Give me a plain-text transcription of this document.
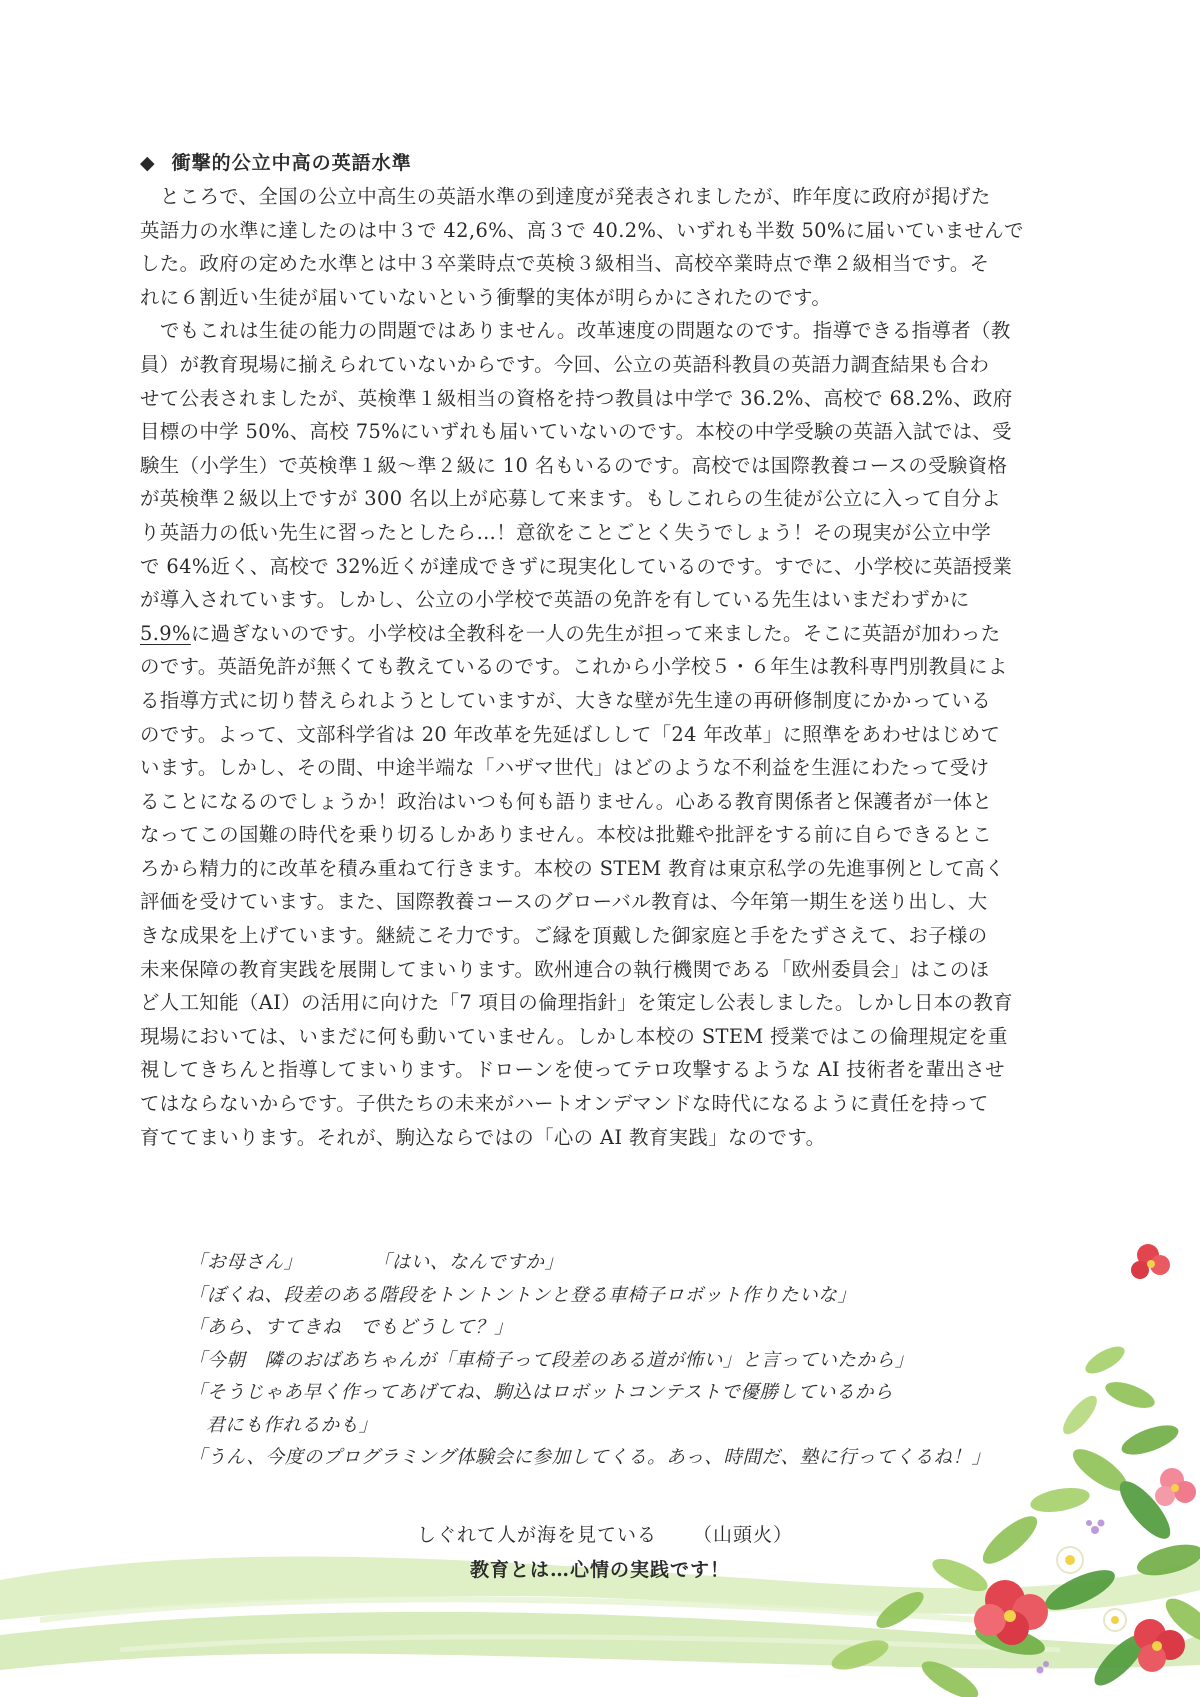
◆ 衝撃的公立中高の英語水準
ところで、全国の公立中高生の英語水準の到達度が発表されましたが、昨年度に政府が掲げた
英語力の水準に達したのは中３で 42,6%、高３で 40.2%、いずれも半数 50%に届いていませんで
した。政府の定めた水準とは中３卒業時点で英検３級相当、高校卒業時点で準２級相当です。そ
れに６割近い生徒が届いていないという衝撃的実体が明らかにされたのです。
でもこれは生徒の能力の問題ではありません。改革速度の問題なのです。指導できる指導者（教
員）が教育現場に揃えられていないからです。今回、公立の英語科教員の英語力調査結果も合わ
せて公表されましたが、英検準１級相当の資格を持つ教員は中学で 36.2%、高校で 68.2%、政府
目標の中学 50%、高校 75%にいずれも届いていないのです。本校の中学受験の英語入試では、受
験生（小学生）で英検準１級～準２級に 10 名もいるのです。高校では国際教養コースの受験資格
が英検準２級以上ですが 300 名以上が応募して来ます。もしこれらの生徒が公立に入って自分よ
り英語力の低い先生に習ったとしたら…！意欲をことごとく失うでしょう！その現実が公立中学
で 64%近く、高校で 32%近くが達成できずに現実化しているのです。すでに、小学校に英語授業
が導入されています。しかし、公立の小学校で英語の免許を有している先生はいまだわずかに
5.9%に過ぎないのです。小学校は全教科を一人の先生が担って来ました。そこに英語が加わった
のです。英語免許が無くても教えているのです。これから小学校５・６年生は教科専門別教員によ
る指導方式に切り替えられようとしていますが、大きな壁が先生達の再研修制度にかかっている
のです。よって、文部科学省は 20 年改革を先延ばしして「24 年改革」に照準をあわせはじめて
います。しかし、その間、中途半端な「ハザマ世代」はどのような不利益を生涯にわたって受け
ることになるのでしょうか！政治はいつも何も語りません。心ある教育関係者と保護者が一体と
なってこの国難の時代を乗り切るしかありません。本校は批難や批評をする前に自らできるとこ
ろから精力的に改革を積み重ねて行きます。本校の STEM 教育は東京私学の先進事例として高く
評価を受けています。また、国際教養コースのグローバル教育は、今年第一期生を送り出し、大
きな成果を上げています。継続こそ力です。ご縁を頂戴した御家庭と手をたずさえて、お子様の
未来保障の教育実践を展開してまいります。欧州連合の執行機関である「欧州委員会」はこのほ
ど人工知能（AI）の活用に向けた「7 項目の倫理指針」を策定し公表しました。しかし日本の教育
現場においては、いまだに何も動いていません。しかし本校の STEM 授業ではこの倫理規定を重
視してきちんと指導してまいります。ドローンを使ってテロ攻撃するような AI 技術者を輩出させ
てはならないからです。子供たちの未来がハートオンデマンドな時代になるように責任を持って
育ててまいります。それが、駒込ならではの「心の AI 教育実践」なのです。
「お母さん」	「はい、なんですか」
「ぼくね、段差のある階段をトントントンと登る車椅子ロボット作りたいな」
「あら、すてきね　でもどうして？」
「今朝　隣のおばあちゃんが「車椅子って段差のある道が怖い」と言っていたから」
「そうじゃあ早く作ってあげてね、駒込はロボットコンテストで優勝しているから
君にも作れるかも」
「うん、今度のプログラミング体験会に参加してくる。あっ、時間だ、塾に行ってくるね！」
しぐれて人が海を見ている （山頭火）
教育とは…心情の実践です！
